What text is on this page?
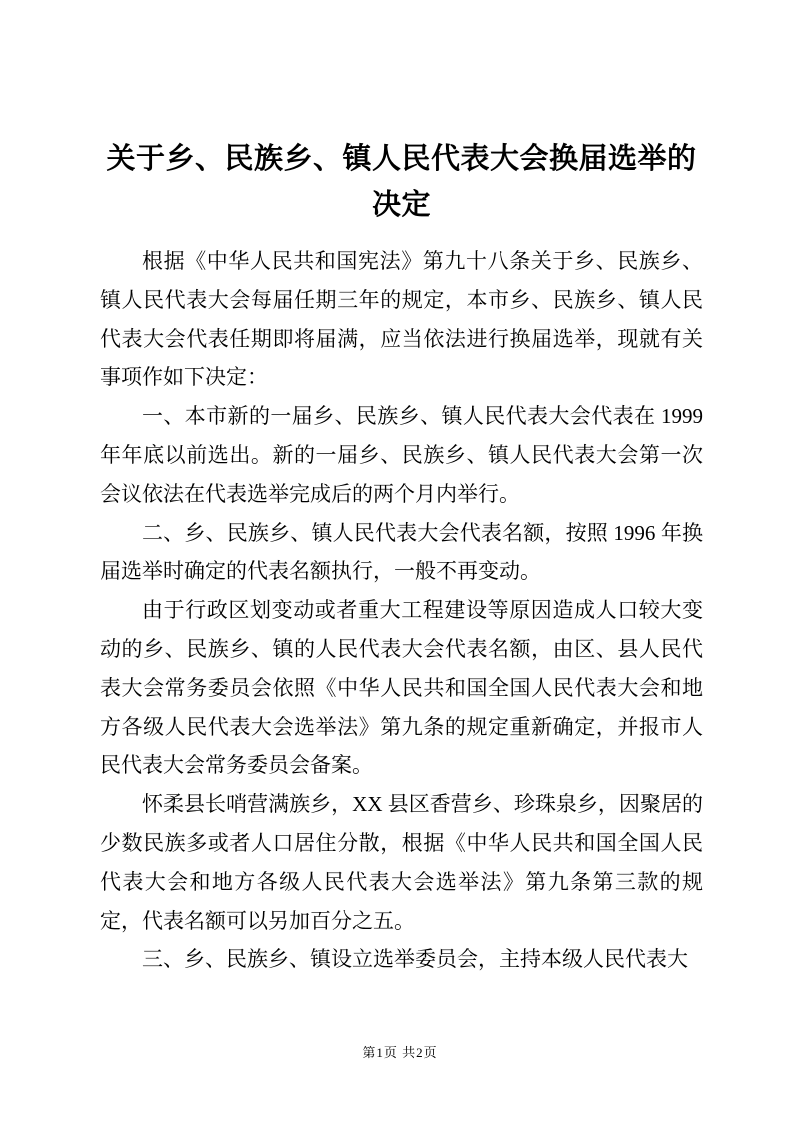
关于乡、民族乡、镇人民代表大会换届选举的决定

根据《中华人民共和国宪法》第九十八条关于乡、民族乡、镇人民代表大会每届任期三年的规定，本市乡、民族乡、镇人民代表大会代表任期即将届满，应当依法进行换届选举，现就有关事项作如下决定：

一、本市新的一届乡、民族乡、镇人民代表大会代表在 1999 年年底以前选出。新的一届乡、民族乡、镇人民代表大会第一次会议依法在代表选举完成后的两个月内举行。

二、乡、民族乡、镇人民代表大会代表名额，按照 1996 年换届选举时确定的代表名额执行，一般不再变动。

由于行政区划变动或者重大工程建设等原因造成人口较大变动的乡、民族乡、镇的人民代表大会代表名额，由区、县人民代表大会常务委员会依照《中华人民共和国全国人民代表大会和地方各级人民代表大会选举法》第九条的规定重新确定，并报市人民代表大会常务委员会备案。

怀柔县长哨营满族乡，XX 县区香营乡、珍珠泉乡，因聚居的少数民族多或者人口居住分散，根据《中华人民共和国全国人民代表大会和地方各级人民代表大会选举法》第九条第三款的规定，代表名额可以另加百分之五。

三、乡、民族乡、镇设立选举委员会，主持本级人民代表大

第1页 共2页
